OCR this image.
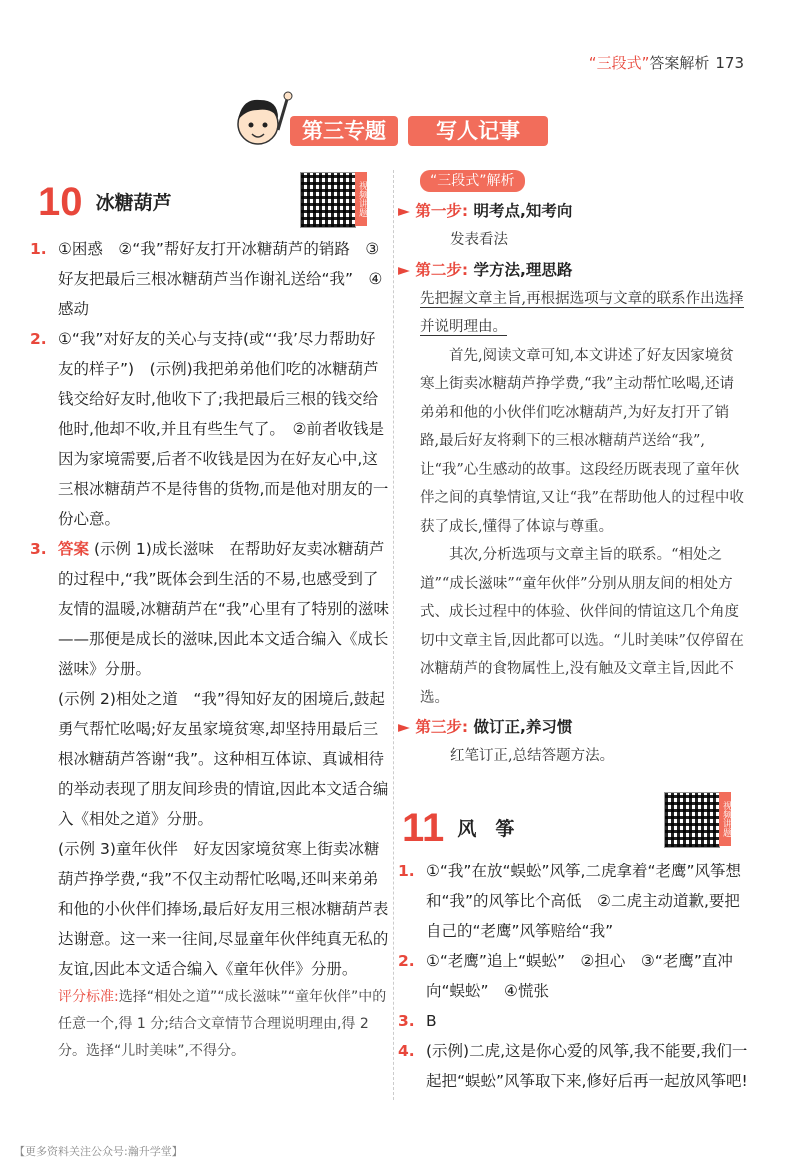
“三段式”答案解析 173
第三专题	写人记事
10 冰糖葫芦	视频讲题
1. ①困惑　②“我”帮好友打开冰糖葫芦的销路　③好友把最后三根冰糖葫芦当作谢礼送给“我”　④感动
2. ①“我”对好友的关心与支持(或“‘我’尽力帮助好友的样子”)　(示例)我把弟弟他们吃的冰糖葫芦钱交给好友时,他收下了;我把最后三根的钱交给他时,他却不收,并且有些生气了。　②前者收钱是因为家境需要,后者不收钱是因为在好友心中,这三根冰糖葫芦不是待售的货物,而是他对朋友的一份心意。
3. 答案 (示例 1)成长滋味　在帮助好友卖冰糖葫芦的过程中,“我”既体会到生活的不易,也感受到了友情的温暖,冰糖葫芦在“我”心里有了特别的滋味——那便是成长的滋味,因此本文适合编入《成长滋味》分册。
(示例 2)相处之道　“我”得知好友的困境后,鼓起勇气帮忙吆喝;好友虽家境贫寒,却坚持用最后三根冰糖葫芦答谢“我”。这种相互体谅、真诚相待的举动表现了朋友间珍贵的情谊,因此本文适合编入《相处之道》分册。
(示例 3)童年伙伴　好友因家境贫寒上街卖冰糖葫芦挣学费,“我”不仅主动帮忙吆喝,还叫来弟弟和他的小伙伴们捧场,最后好友用三根冰糖葫芦表达谢意。这一来一往间,尽显童年伙伴纯真无私的友谊,因此本文适合编入《童年伙伴》分册。
评分标准:选择“相处之道”“成长滋味”“童年伙伴”中的任意一个,得 1 分;结合文章情节合理说明理由,得 2 分。选择“儿时美味”,不得分。
“三段式”解析
► 第一步: 明考点,知考向
发表看法
► 第二步: 学方法,理思路
先把握文章主旨,再根据选项与文章的联系作出选择并说明理由。
首先,阅读文章可知,本文讲述了好友因家境贫寒上街卖冰糖葫芦挣学费,“我”主动帮忙吆喝,还请弟弟和他的小伙伴们吃冰糖葫芦,为好友打开了销路,最后好友将剩下的三根冰糖葫芦送给“我”,让“我”心生感动的故事。这段经历既表现了童年伙伴之间的真挚情谊,又让“我”在帮助他人的过程中收获了成长,懂得了体谅与尊重。
其次,分析选项与文章主旨的联系。“相处之道”“成长滋味”“童年伙伴”分别从朋友间的相处方式、成长过程中的体验、伙伴间的情谊这几个角度切中文章主旨,因此都可以选。“儿时美味”仅停留在冰糖葫芦的食物属性上,没有触及文章主旨,因此不选。
► 第三步: 做订正,养习惯
红笔订正,总结答题方法。
11 风　筝	视频讲题
1. ①“我”在放“蜈蚣”风筝,二虎拿着“老鹰”风筝想和“我”的风筝比个高低　②二虎主动道歉,要把自己的“老鹰”风筝赔给“我”
2. ①“老鹰”追上“蜈蚣”　②担心　③“老鹰”直冲向“蜈蚣”　④慌张
3. B
4. (示例)二虎,这是你心爱的风筝,我不能要,我们一起把“蜈蚣”风筝取下来,修好后再一起放风筝吧!
【更多资料关注公众号:瀚升学堂】
